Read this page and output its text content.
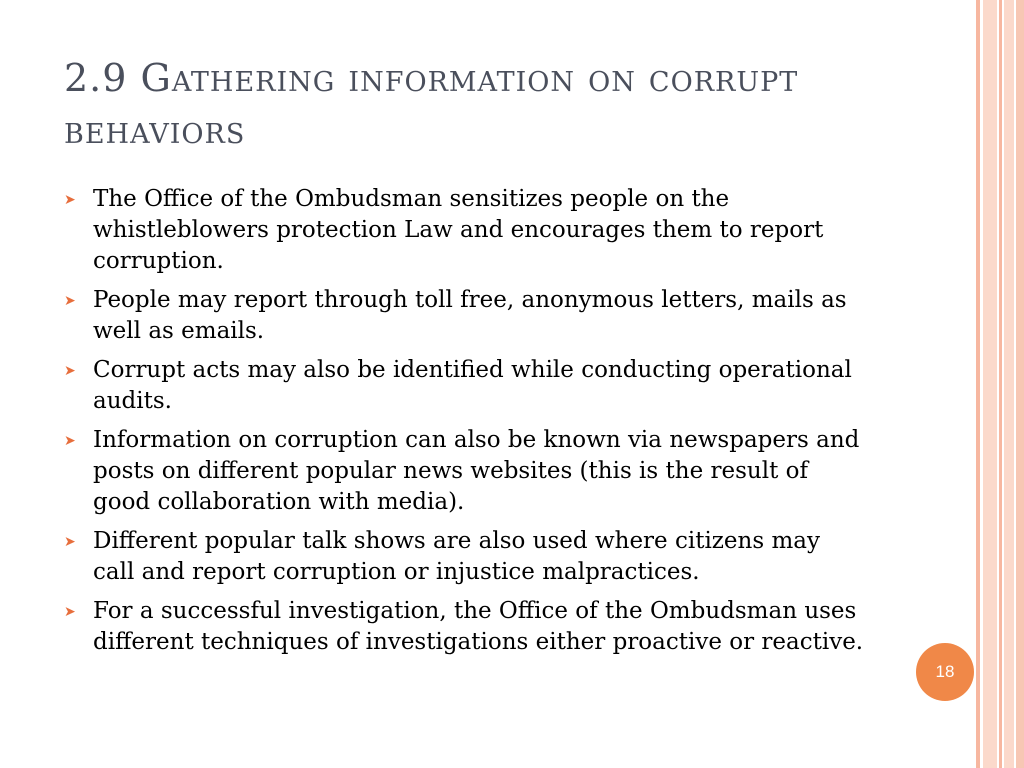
2.9 Gathering information on corrupt behaviors
➤ The Office of the Ombudsman sensitizes people on the whistleblowers protection Law and encourages them to report corruption.
➤ People may report through toll free, anonymous letters, mails as well as emails.
➤ Corrupt acts may also be identified while conducting operational audits.
➤ Information on corruption can also be known via newspapers and posts on different popular news websites (this is the result of good collaboration with media).
➤ Different popular talk shows are also used where citizens may call and report corruption or injustice malpractices.
➤ For a successful investigation, the Office of the Ombudsman uses different techniques of investigations either proactive or reactive.
18
